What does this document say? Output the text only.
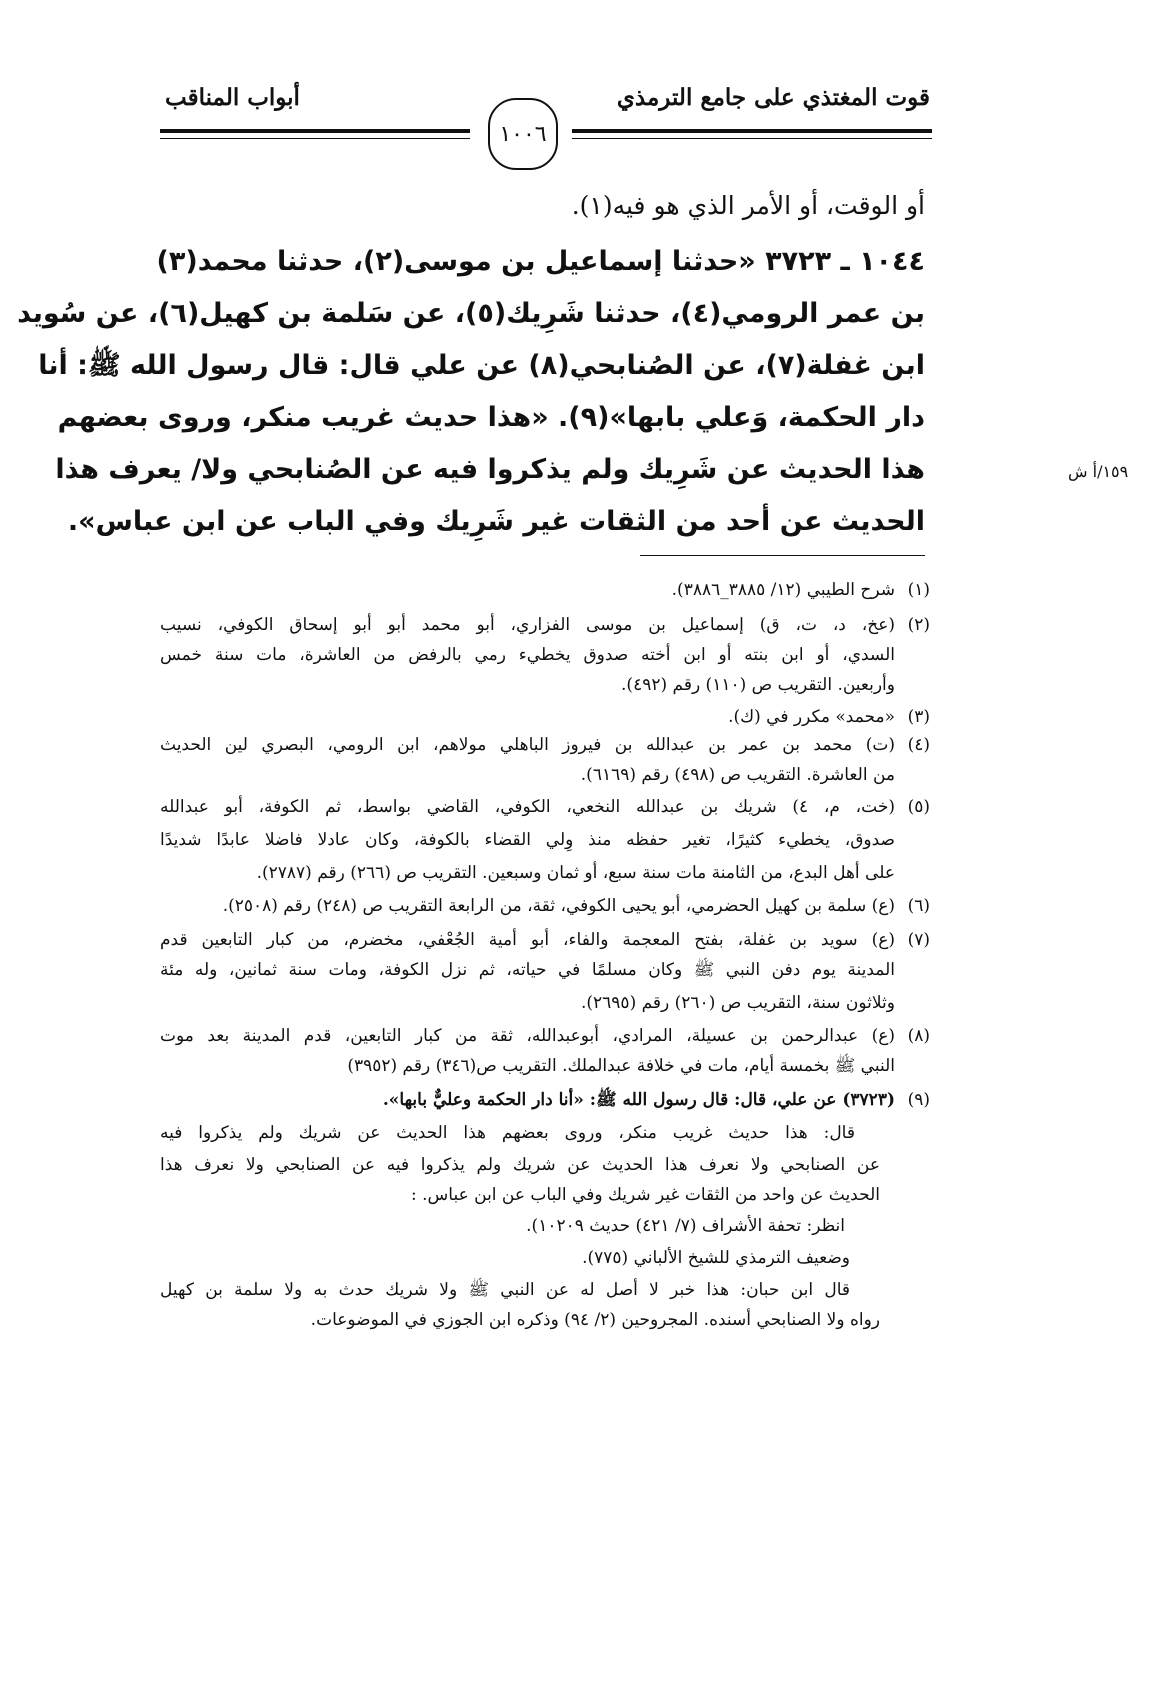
قوت المغتذي على جامع الترمذي
أبواب المناقب
١٠٠٦
أو الوقت، أو الأمر الذي هو فيه(١).
١٠٤٤ ـ ٣٧٢٣ «حدثنا إسماعيل بن موسى(٢)، حدثنا محمد(٣)
بن عمر الرومي(٤)، حدثنا شَرِيك(٥)، عن سَلمة بن كهيل(٦)، عن سُويد
ابن غفلة(٧)، عن الصُنابحي(٨) عن علي قال: قال رسول الله ﷺ: أنا
دار الحكمة، وَعلي بابها»(٩). «هذا حديث غريب منكر، وروى بعضهم
هذا الحديث عن شَرِيك ولم يذكروا فيه عن الصُنابحي ولا/ يعرف هذا
الحديث عن أحد من الثقات غير شَرِيك وفي الباب عن ابن عباس».
١٥٩/أ ش
(١)
شرح الطيبي (١٢/ ٣٨٨٥_٣٨٨٦).
(٢)
(عخ، د، ت، ق) إسماعيل بن موسى الفزاري، أبو محمد أبو أبو إسحاق الكوفي، نسيب
السدي، أو ابن بنته أو ابن أخته صدوق يخطيء رمي بالرفض من العاشرة، مات سنة خمس
وأربعين. التقريب ص (١١٠) رقم (٤٩٢).
(٣)
«محمد» مكرر في (ك).
(٤)
(ت) محمد بن عمر بن عبدالله بن فيروز الباهلي مولاهم، ابن الرومي، البصري لين الحديث
من العاشرة. التقريب ص (٤٩٨) رقم (٦١٦٩).
(٥)
(خت، م، ٤) شريك بن عبدالله النخعي، الكوفي، القاضي بواسط، ثم الكوفة، أبو عبدالله
صدوق، يخطيء كثيرًا، تغير حفظه منذ وِلي القضاء بالكوفة، وكان عادلا فاضلا عابدًا شديدًا
على أهل البدع، من الثامنة مات سنة سبع، أو ثمان وسبعين. التقريب ص (٢٦٦) رقم (٢٧٨٧).
(٦)
(ع) سلمة بن كهيل الحضرمي، أبو يحيى الكوفي، ثقة، من الرابعة التقريب ص (٢٤٨) رقم (٢٥٠٨).
(٧)
(ع) سويد بن غفلة، بفتح المعجمة والفاء، أبو أمية الجُعْفي، مخضرم، من كبار التابعين قدم
المدينة يوم دفن النبي ﷺ وكان مسلمًا في حياته، ثم نزل الكوفة، ومات سنة ثمانين، وله مئة
وثلاثون سنة، التقريب ص (٢٦٠) رقم (٢٦٩٥).
(٨)
(ع) عبدالرحمن بن عسيلة، المرادي، أبوعبدالله، ثقة من كبار التابعين، قدم المدينة بعد موت
النبي ﷺ بخمسة أيام، مات في خلافة عبدالملك. التقريب ص(٣٤٦) رقم (٣٩٥٢)
(٩)
(٣٧٢٣) عن علي، قال: قال رسول الله ﷺ: «أنا دار الحكمة وعليٌّ بابها».
قال: هذا حديث غريب منكر، وروى بعضهم هذا الحديث عن شريك ولم يذكروا فيه
عن الصنابحي ولا نعرف هذا الحديث عن شريك ولم يذكروا فيه عن الصنابحي ولا نعرف هذا
الحديث عن واحد من الثقات غير شريك وفي الباب عن ابن عباس. :
انظر: تحفة الأشراف (٧/ ٤٢١) حديث ١٠٢٠٩).
وضعيف الترمذي للشيخ الألباني (٧٧٥).
قال ابن حبان: هذا خبر لا أصل له عن النبي ﷺ ولا شريك حدث به ولا سلمة بن كهيل
رواه ولا الصنابحي أسنده. المجروحين (٢/ ٩٤) وذكره ابن الجوزي في الموضوعات.
